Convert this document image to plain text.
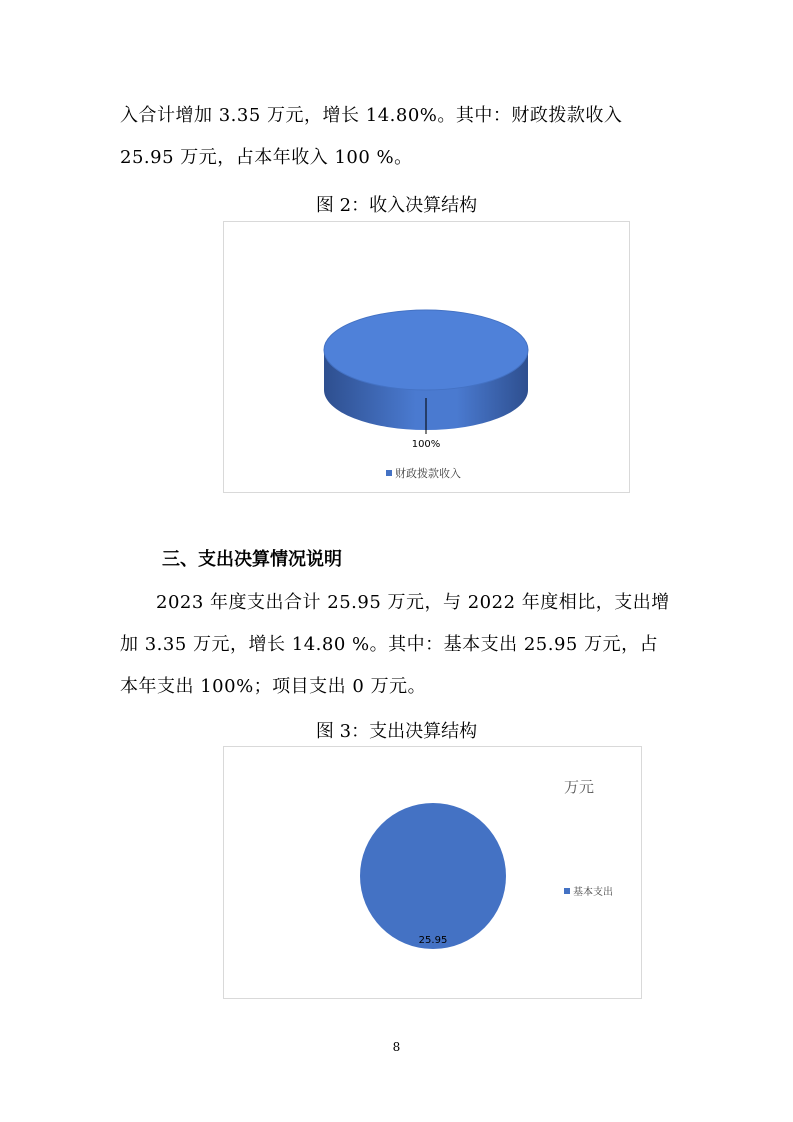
入合计增加 3.35 万元，增长 14.80%。其中：财政拨款收入 25.95 万元，占本年收入 100 %。

图 2：收入决算结构
100%
财政拨款收入
三、支出决算情况说明

2023 年度支出合计 25.95 万元，与 2022 年度相比，支出增加 3.35 万元，增长 14.80 %。其中：基本支出 25.95 万元，占本年支出 100%；项目支出 0 万元。

图 3：支出决算结构
万元
25.95
基本支出
8
